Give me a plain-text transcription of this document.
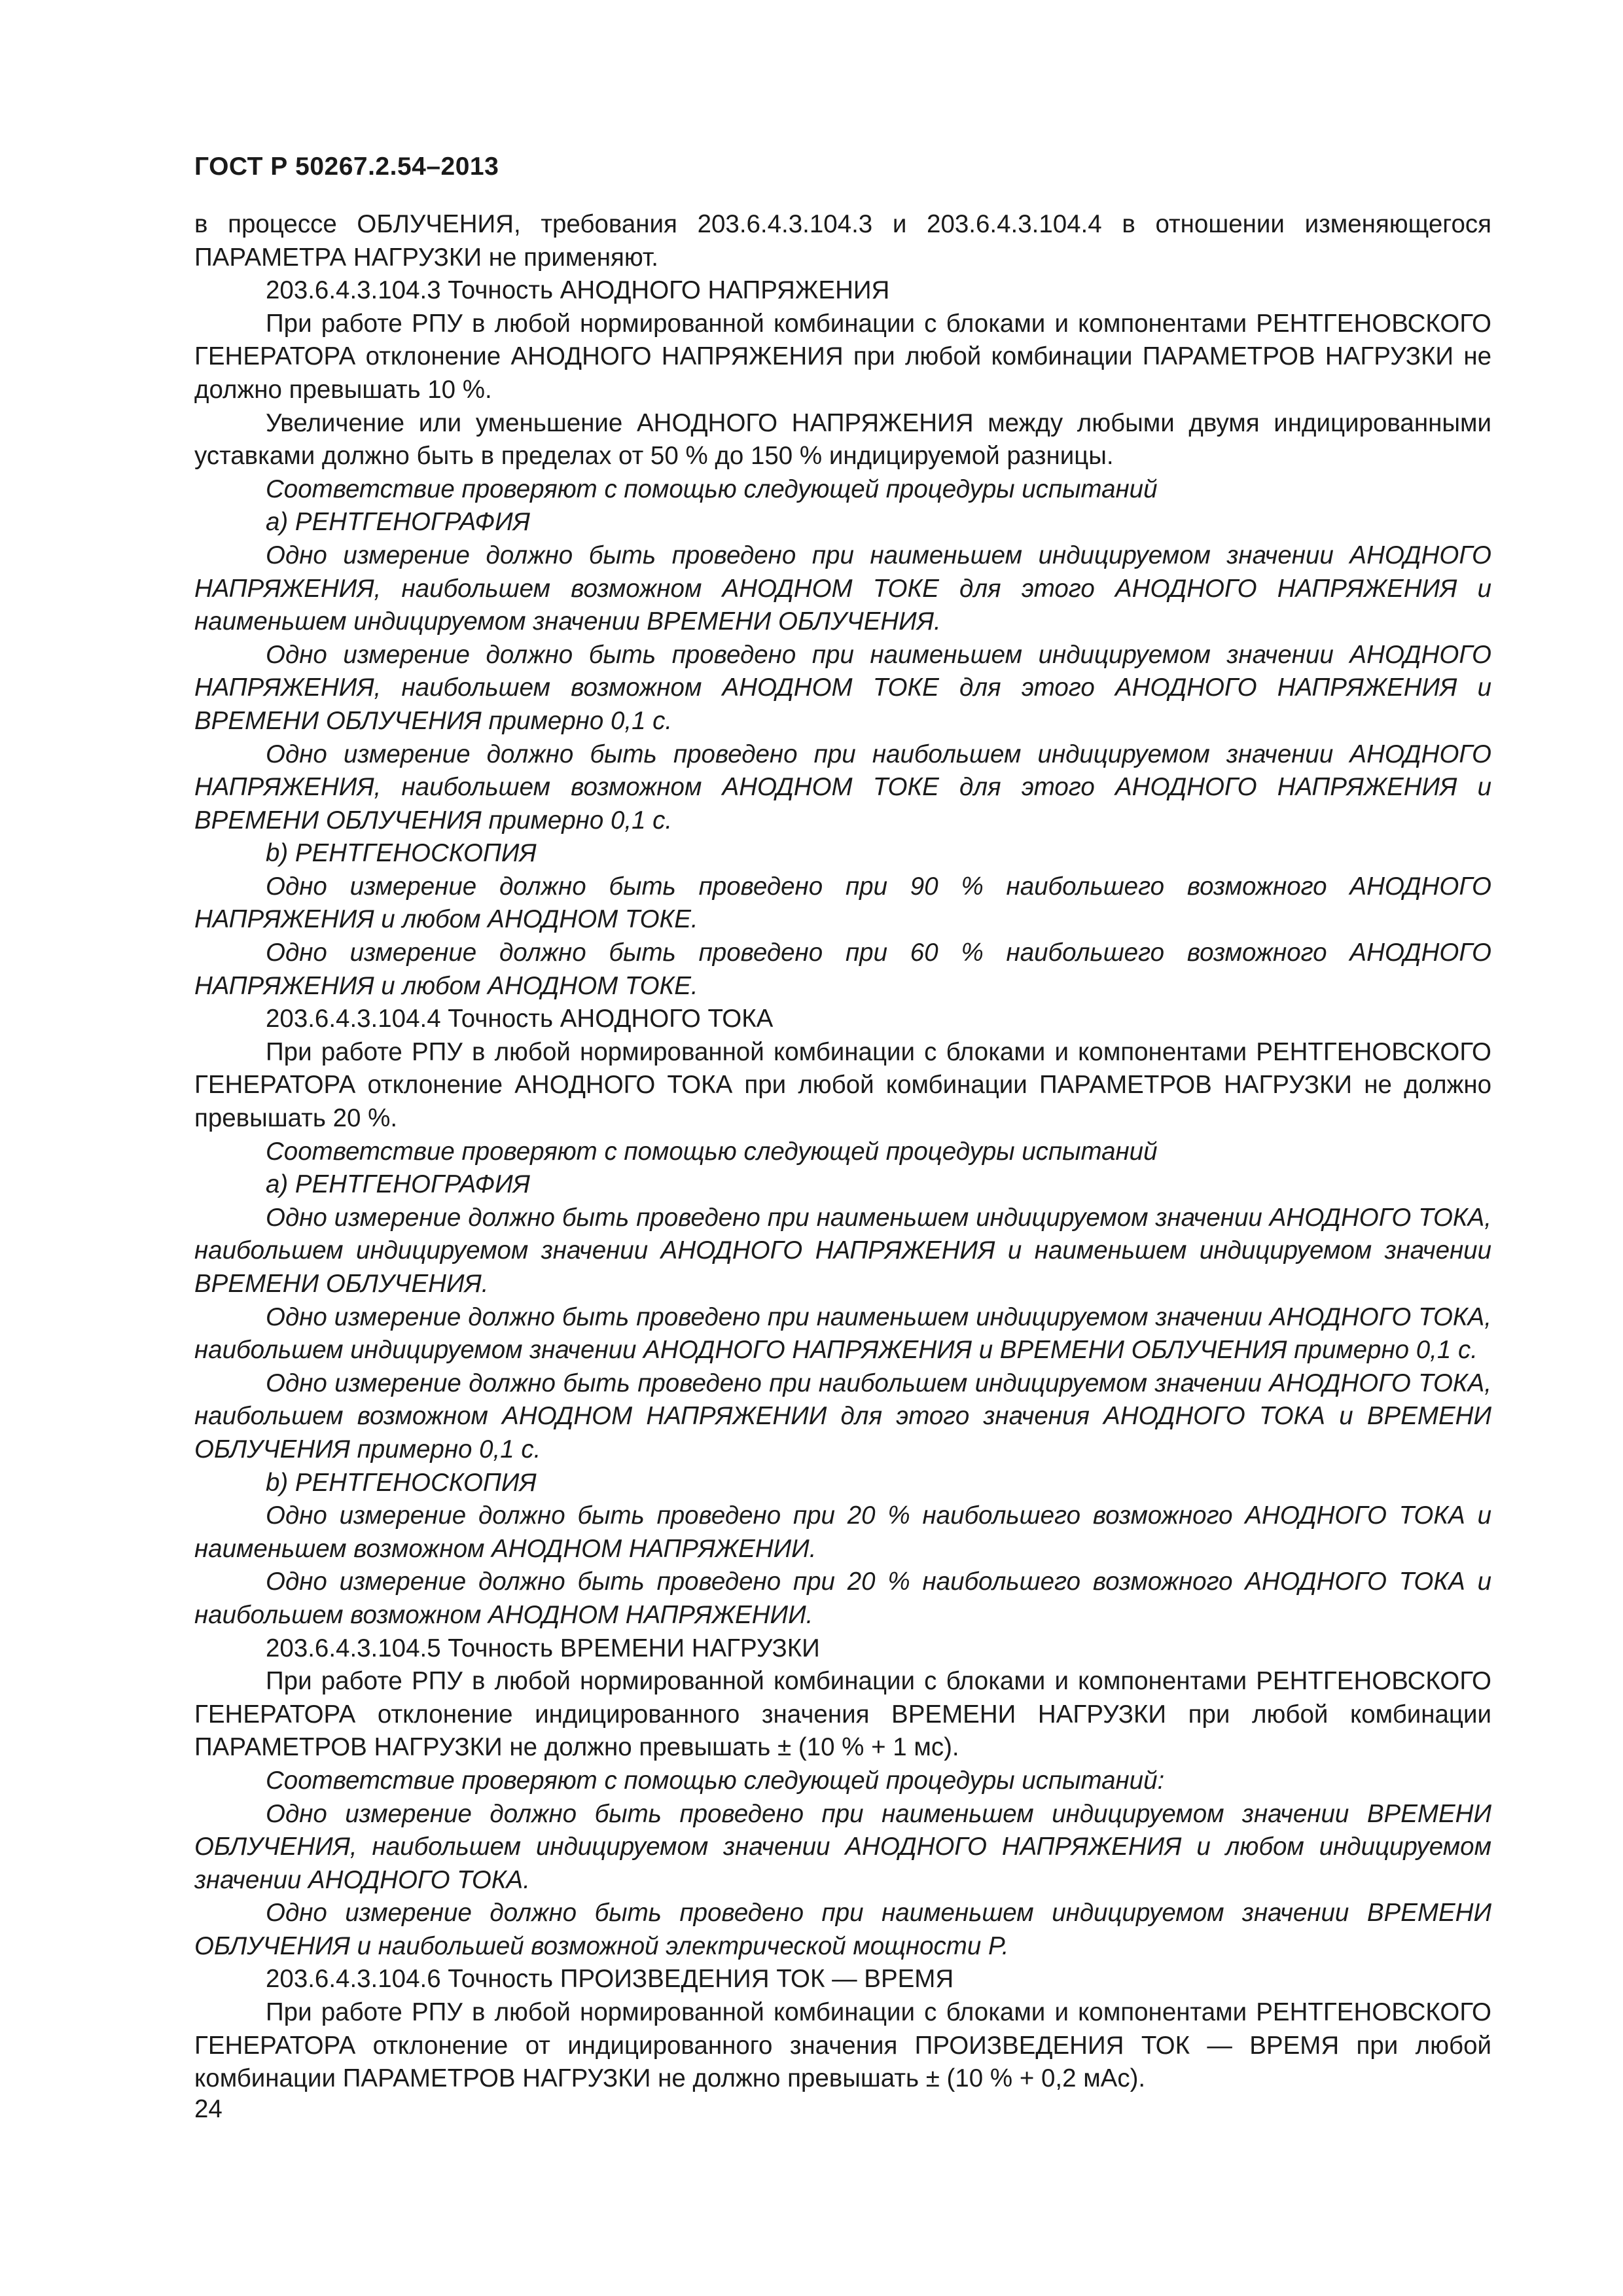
ГОСТ Р 50267.2.54–2013

в процессе ОБЛУЧЕНИЯ, требования 203.6.4.3.104.3 и 203.6.4.3.104.4 в отношении изменяющегося ПАРАМЕТРА НАГРУЗКИ не применяют.

203.6.4.3.104.3 Точность АНОДНОГО НАПРЯЖЕНИЯ

При работе РПУ в любой нормированной комбинации с блоками и компонентами РЕНТГЕНОВСКОГО ГЕНЕРАТОРА отклонение АНОДНОГО НАПРЯЖЕНИЯ при любой комбинации ПАРАМЕТРОВ НАГРУЗКИ не должно превышать 10 %.

Увеличение или уменьшение АНОДНОГО НАПРЯЖЕНИЯ между любыми двумя индицированными уставками должно быть в пределах от 50 % до 150 % индицируемой разницы.

Соответствие проверяют с помощью следующей процедуры испытаний

a) РЕНТГЕНОГРАФИЯ

Одно измерение должно быть проведено при наименьшем индицируемом значении АНОДНОГО НАПРЯЖЕНИЯ, наибольшем возможном АНОДНОМ ТОКЕ для этого АНОДНОГО НАПРЯЖЕНИЯ и наименьшем индицируемом значении ВРЕМЕНИ ОБЛУЧЕНИЯ.

Одно измерение должно быть проведено при наименьшем индицируемом значении АНОДНОГО НАПРЯЖЕНИЯ, наибольшем возможном АНОДНОМ ТОКЕ для этого АНОДНОГО НАПРЯЖЕНИЯ и ВРЕМЕНИ ОБЛУЧЕНИЯ примерно 0,1 с.

Одно измерение должно быть проведено при наибольшем индицируемом значении АНОДНОГО НАПРЯЖЕНИЯ, наибольшем возможном АНОДНОМ ТОКЕ для этого АНОДНОГО НАПРЯЖЕНИЯ и ВРЕМЕНИ ОБЛУЧЕНИЯ примерно 0,1 с.

b) РЕНТГЕНОСКОПИЯ

Одно измерение должно быть проведено при 90 % наибольшего возможного АНОДНОГО НАПРЯЖЕНИЯ и любом АНОДНОМ ТОКЕ.

Одно измерение должно быть проведено при 60 % наибольшего возможного АНОДНОГО НАПРЯЖЕНИЯ и любом АНОДНОМ ТОКЕ.

203.6.4.3.104.4 Точность АНОДНОГО ТОКА

При работе РПУ в любой нормированной комбинации с блоками и компонентами РЕНТГЕНОВСКОГО ГЕНЕРАТОРА отклонение АНОДНОГО ТОКА при любой комбинации ПАРАМЕТРОВ НАГРУЗКИ не должно превышать 20 %.

Соответствие проверяют с помощью следующей процедуры испытаний

a) РЕНТГЕНОГРАФИЯ

Одно измерение должно быть проведено при наименьшем индицируемом значении АНОДНОГО ТОКА, наибольшем индицируемом значении АНОДНОГО НАПРЯЖЕНИЯ и наименьшем индицируемом значении ВРЕМЕНИ ОБЛУЧЕНИЯ.

Одно измерение должно быть проведено при наименьшем индицируемом значении АНОДНОГО ТОКА, наибольшем индицируемом значении АНОДНОГО НАПРЯЖЕНИЯ и ВРЕМЕНИ ОБЛУЧЕНИЯ примерно 0,1 с.

Одно измерение должно быть проведено при наибольшем индицируемом значении АНОДНОГО ТОКА, наибольшем возможном АНОДНОМ НАПРЯЖЕНИИ для этого значения АНОДНОГО ТОКА и ВРЕМЕНИ ОБЛУЧЕНИЯ примерно 0,1 с.

b) РЕНТГЕНОСКОПИЯ

Одно измерение должно быть проведено при 20 % наибольшего возможного АНОДНОГО ТОКА и наименьшем возможном АНОДНОМ НАПРЯЖЕНИИ.

Одно измерение должно быть проведено при 20 % наибольшего возможного АНОДНОГО ТОКА и наибольшем возможном АНОДНОМ НАПРЯЖЕНИИ.

203.6.4.3.104.5 Точность ВРЕМЕНИ НАГРУЗКИ

При работе РПУ в любой нормированной комбинации с блоками и компонентами РЕНТГЕНОВСКОГО ГЕНЕРАТОРА отклонение индицированного значения ВРЕМЕНИ НАГРУЗКИ при любой комбинации ПАРАМЕТРОВ НАГРУЗКИ не должно превышать ± (10 % + 1 мс).

Соответствие проверяют с помощью следующей процедуры испытаний:

Одно измерение должно быть проведено при наименьшем индицируемом значении ВРЕМЕНИ ОБЛУЧЕНИЯ, наибольшем индицируемом значении АНОДНОГО НАПРЯЖЕНИЯ и любом индицируемом значении АНОДНОГО ТОКА.

Одно измерение должно быть проведено при наименьшем индицируемом значении ВРЕМЕНИ ОБЛУЧЕНИЯ и наибольшей возможной электрической мощности P.

203.6.4.3.104.6 Точность ПРОИЗВЕДЕНИЯ ТОК — ВРЕМЯ

При работе РПУ в любой нормированной комбинации с блоками и компонентами РЕНТГЕНОВСКОГО ГЕНЕРАТОРА отклонение от индицированного значения ПРОИЗВЕДЕНИЯ ТОК — ВРЕМЯ при любой комбинации ПАРАМЕТРОВ НАГРУЗКИ не должно превышать ± (10 % + 0,2 мАс).

24
